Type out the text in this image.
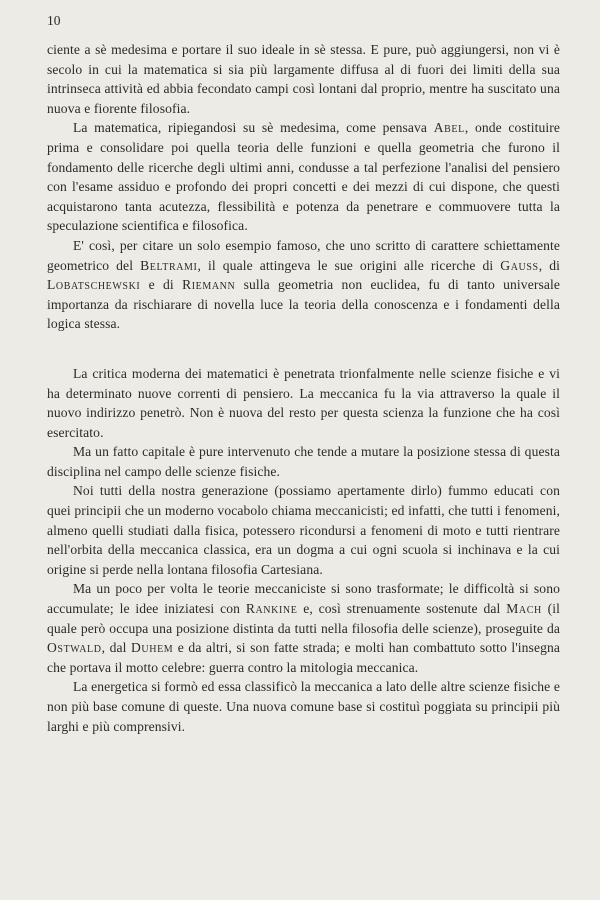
10

ciente a sè medesima e portare il suo ideale in sè stessa. E pure, può aggiungersi, non vi è secolo in cui la matematica si sia più largamente diffusa al di fuori dei limiti della sua intrinseca attività ed abbia fecondato campi così lontani dal proprio, mentre ha suscitato una nuova e fiorente filosofia.

La matematica, ripiegandosi su sè medesima, come pensava Abel, onde costituire prima e consolidare poi quella teoria delle funzioni e quella geometria che furono il fondamento delle ricerche degli ultimi anni, condusse a tal perfezione l'analisi del pensiero con l'esame assiduo e profondo dei propri concetti e dei mezzi di cui dispone, che questi acquistarono tanta acutezza, flessibilità e potenza da penetrare e commuovere tutta la speculazione scientifica e filosofica.

E' così, per citare un solo esempio famoso, che uno scritto di carattere schiettamente geometrico del Beltrami, il quale attingeva le sue origini alle ricerche di Gauss, di Lobatschewski e di Riemann sulla geometria non euclidea, fu di tanto universale importanza da rischiarare di novella luce la teoria della conoscenza e i fondamenti della logica stessa.

La critica moderna dei matematici è penetrata trionfalmente nelle scienze fisiche e vi ha determinato nuove correnti di pensiero. La meccanica fu la via attraverso la quale il nuovo indirizzo penetrò. Non è nuova del resto per questa scienza la funzione che ha così esercitato.

Ma un fatto capitale è pure intervenuto che tende a mutare la posizione stessa di questa disciplina nel campo delle scienze fisiche.

Noi tutti della nostra generazione (possiamo apertamente dirlo) fummo educati con quei principii che un moderno vocabolo chiama meccanicisti; ed infatti, che tutti i fenomeni, almeno quelli studiati dalla fisica, potessero ricondursi a fenomeni di moto e tutti rientrare nell'orbita della meccanica classica, era un dogma a cui ogni scuola si inchinava e la cui origine si perde nella lontana filosofia Cartesiana.

Ma un poco per volta le teorie meccaniciste si sono trasformate; le difficoltà si sono accumulate; le idee iniziatesi con Rankine e, così strenuamente sostenute dal Mach (il quale però occupa una posizione distinta da tutti nella filosofia delle scienze), proseguite da Ostwald, dal Duhem e da altri, si son fatte strada; e molti han combattuto sotto l'insegna che portava il motto celebre: guerra contro la mitologia meccanica.

La energetica si formò ed essa classificò la meccanica a lato delle altre scienze fisiche e non più base comune di queste. Una nuova comune base si costituì poggiata su principii più larghi e più comprensivi.
